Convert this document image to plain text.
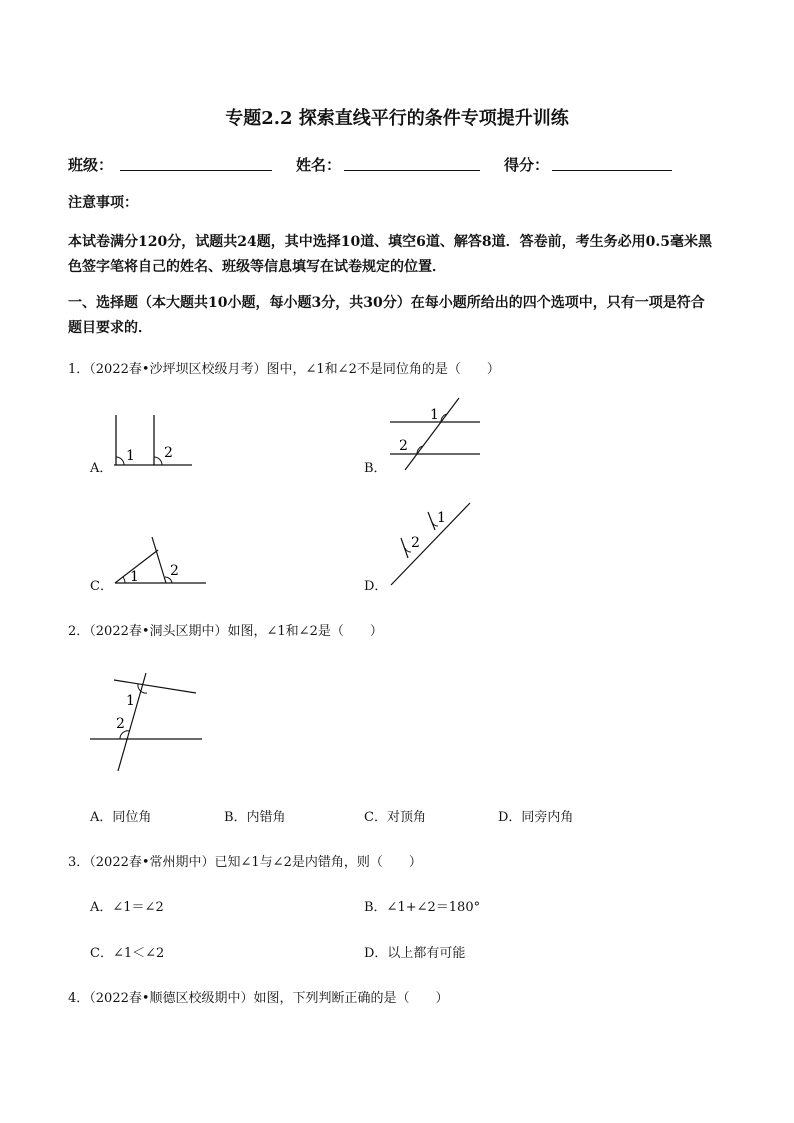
专题2.2 探索直线平行的条件专项提升训练
班级：	姓名：	得分：
注意事项：
本试卷满分120分，试题共24题，其中选择10道、填空6道、解答8道．答卷前，考生务必用0.5毫米黑
色签字笔将自己的姓名、班级等信息填写在试卷规定的位置．
一、选择题（本大题共10小题，每小题3分，共30分）在每小题所给出的四个选项中，只有一项是符合
题目要求的．
1．（2022春•沙坪坝区校级月考）图中，∠1和∠2不是同位角的是（　　）
A．
1 2
B．
1
2
C．
1 2
D．
1
2
2．（2022春•洞头区期中）如图，∠1和∠2是（　　）
1
2
A．同位角	B．内错角	C．对顶角	D．同旁内角
3．（2022春•常州期中）已知∠1与∠2是内错角，则（　　）
A．∠1＝∠2	B．∠1+∠2＝180°
C．∠1＜∠2	D．以上都有可能
4．（2022春•顺德区校级期中）如图，下列判断正确的是（　　）
